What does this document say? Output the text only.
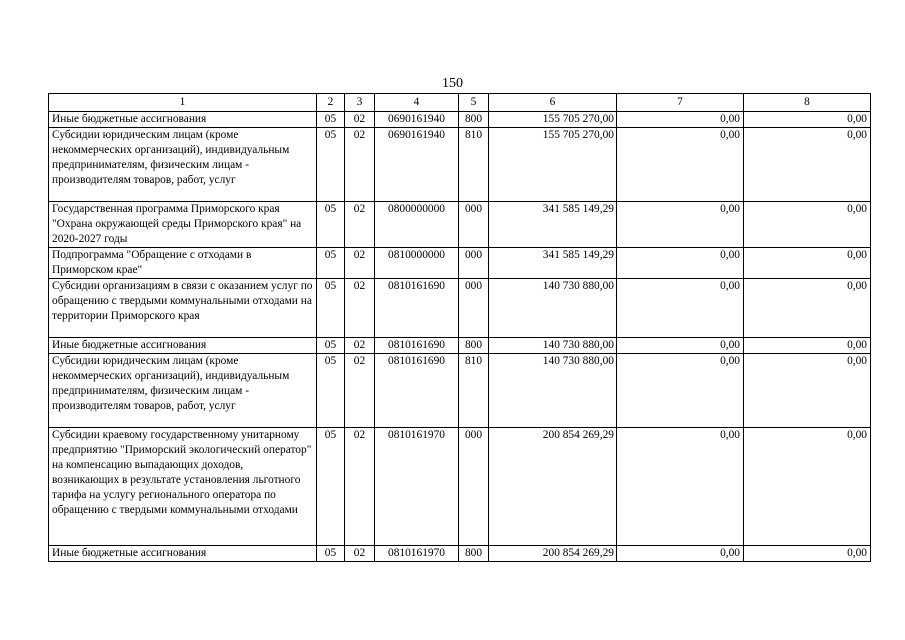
150
1	2	3	4	5	6	7	8
Иные бюджетные ассигнования	05	02	0690161940	800	155 705 270,00	0,00	0,00
Субсидии юридическим лицам (кроме некоммерческих организаций), индивидуальным предпринимателям, физическим лицам - производителям товаров, работ, услуг	05	02	0690161940	810	155 705 270,00	0,00	0,00
Государственная программа Приморского края "Охрана окружающей среды Приморского края" на 2020-2027 годы	05	02	0800000000	000	341 585 149,29	0,00	0,00
Подпрограмма "Обращение с отходами в Приморском крае"	05	02	0810000000	000	341 585 149,29	0,00	0,00
Субсидии организациям в связи с оказанием услуг по обращению с твердыми коммунальными отходами на территории Приморского края	05	02	0810161690	000	140 730 880,00	0,00	0,00
Иные бюджетные ассигнования	05	02	0810161690	800	140 730 880,00	0,00	0,00
Субсидии юридическим лицам (кроме некоммерческих организаций), индивидуальным предпринимателям, физическим лицам - производителям товаров, работ, услуг	05	02	0810161690	810	140 730 880,00	0,00	0,00
Субсидии краевому государственному унитарному предприятию "Приморский экологический оператор" на компенсацию выпадающих доходов, возникающих в результате установления льготного тарифа на услугу регионального оператора по обращению с твердыми коммунальными отходами	05	02	0810161970	000	200 854 269,29	0,00	0,00
Иные бюджетные ассигнования	05	02	0810161970	800	200 854 269,29	0,00	0,00
